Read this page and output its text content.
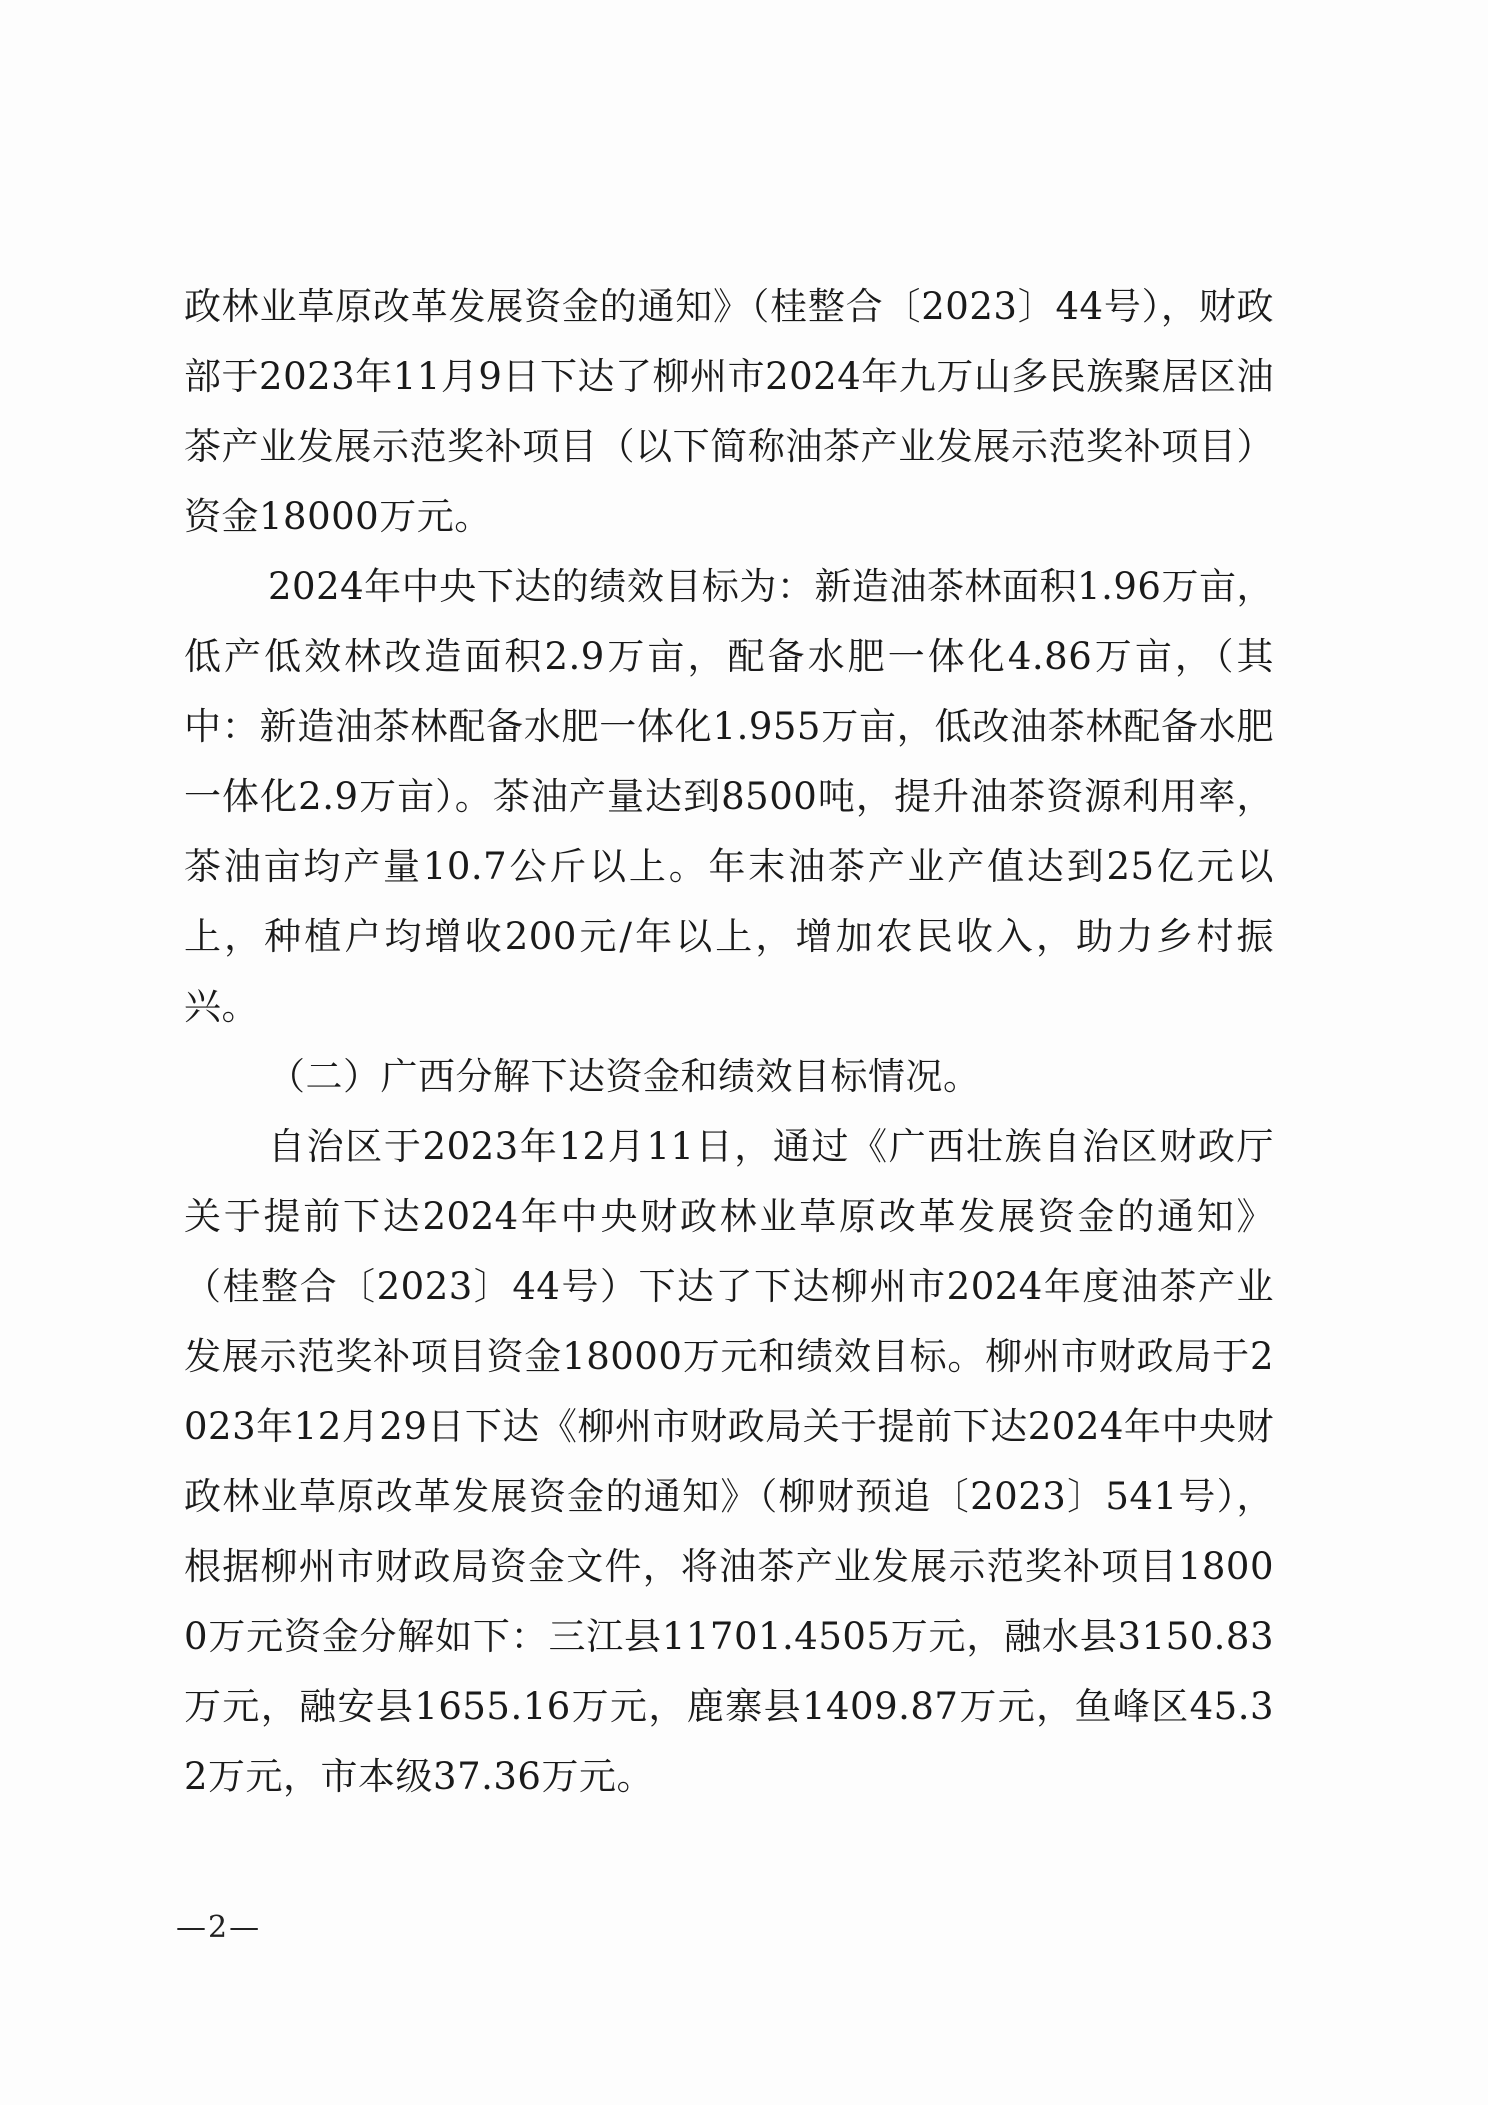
政林业草原改革发展资金的通知》（桂整合〔2023〕44号），财政部于2023年11月9日下达了柳州市2024年九万山多民族聚居区油茶产业发展示范奖补项目（以下简称油茶产业发展示范奖补项目）资金18000万元。

2024年中央下达的绩效目标为：新造油茶林面积1.96万亩，低产低效林改造面积2.9万亩，配备水肥一体化4.86万亩，（其中：新造油茶林配备水肥一体化1.955万亩，低改油茶林配备水肥一体化2.9万亩）。茶油产量达到8500吨，提升油茶资源利用率，茶油亩均产量10.7公斤以上。年末油茶产业产值达到25亿元以上，种植户均增收200元/年以上，增加农民收入，助力乡村振兴。

（二）广西分解下达资金和绩效目标情况。

自治区于2023年12月11日，通过《广西壮族自治区财政厅关于提前下达2024年中央财政林业草原改革发展资金的通知》（桂整合〔2023〕44号）下达了下达柳州市2024年度油茶产业发展示范奖补项目资金18000万元和绩效目标。柳州市财政局于2023年12月29日下达《柳州市财政局关于提前下达2024年中央财政林业草原改革发展资金的通知》（柳财预追〔2023〕541号），根据柳州市财政局资金文件，将油茶产业发展示范奖补项目18000万元资金分解如下：三江县11701.4505万元，融水县3150.83万元，融安县1655.16万元，鹿寨县1409.87万元，鱼峰区45.32万元，市本级37.36万元。

—2—
